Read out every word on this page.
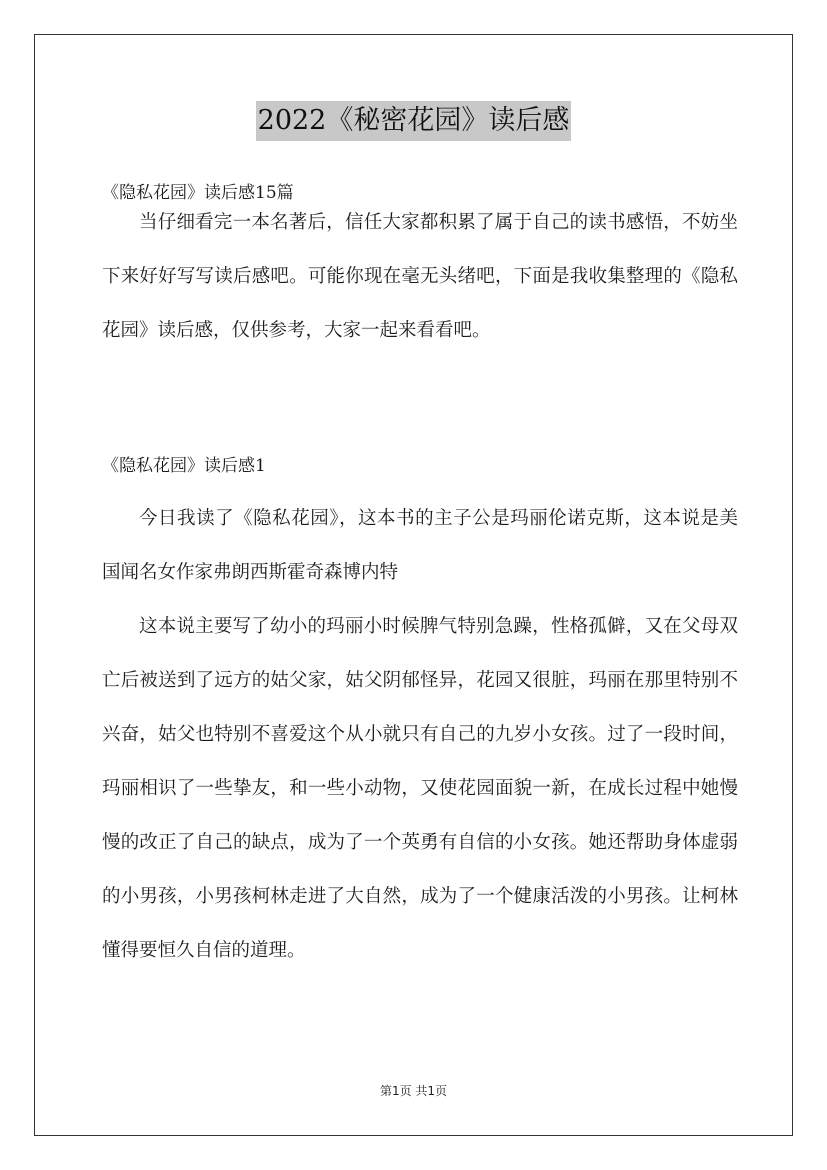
2022《秘密花园》读后感
《隐私花园》读后感15篇

当仔细看完一本名著后，信任大家都积累了属于自己的读书感悟，不妨坐下来好好写写读后感吧。可能你现在毫无头绪吧，下面是我收集整理的《隐私花园》读后感，仅供参考，大家一起来看看吧。

《隐私花园》读后感1

今日我读了《隐私花园》，这本书的主子公是玛丽伦诺克斯，这本说是美国闻名女作家弗朗西斯霍奇森博内特

这本说主要写了幼小的玛丽小时候脾气特别急躁，性格孤僻，又在父母双亡后被送到了远方的姑父家，姑父阴郁怪异，花园又很脏，玛丽在那里特别不兴奋，姑父也特别不喜爱这个从小就只有自己的九岁小女孩。过了一段时间，玛丽相识了一些挚友，和一些小动物，又使花园面貌一新，在成长过程中她慢慢的改正了自己的缺点，成为了一个英勇有自信的小女孩。她还帮助身体虚弱的小男孩，小男孩柯林走进了大自然，成为了一个健康活泼的小男孩。让柯林懂得要恒久自信的道理。

第1页 共1页
